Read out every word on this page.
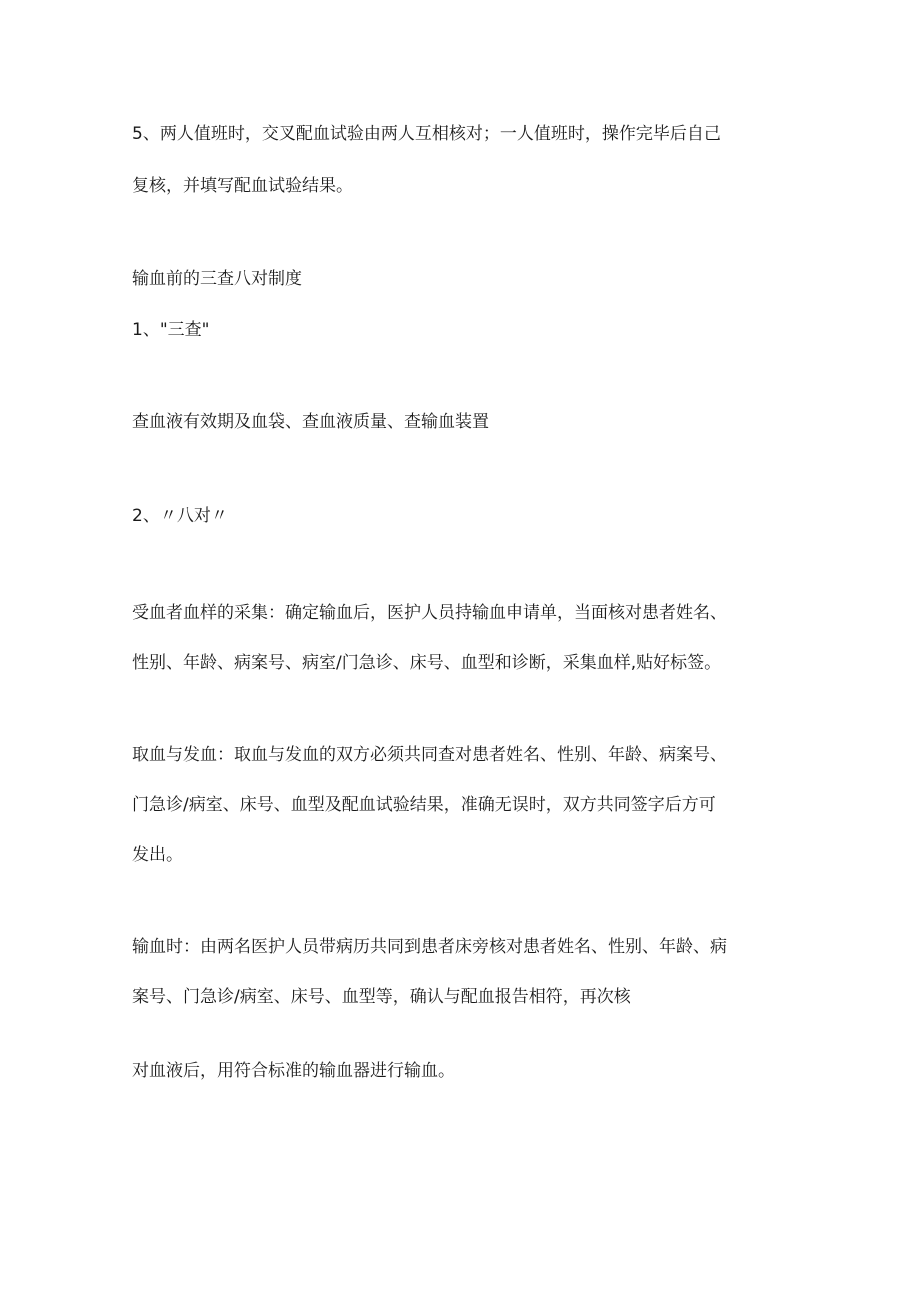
5、两人值班时，交叉配血试验由两人互相核对；一人值班时，操作完毕后自己

复核，并填写配血试验结果。

输血前的三查八对制度

1、"三查"

查血液有效期及血袋、查血液质量、查输血装置

2、〃八对〃

受血者血样的采集：确定输血后，医护人员持输血申请单，当面核对患者姓名、

性别、年龄、病案号、病室/门急诊、床号、血型和诊断，采集血样,贴好标签。

取血与发血：取血与发血的双方必须共同查对患者姓名、性别、年龄、病案号、

门急诊/病室、床号、血型及配血试验结果，准确无误时，双方共同签字后方可

发出。

输血时：由两名医护人员带病历共同到患者床旁核对患者姓名、性别、年龄、病

案号、门急诊/病室、床号、血型等，确认与配血报告相符，再次核

对血液后，用符合标准的输血器进行输血。
